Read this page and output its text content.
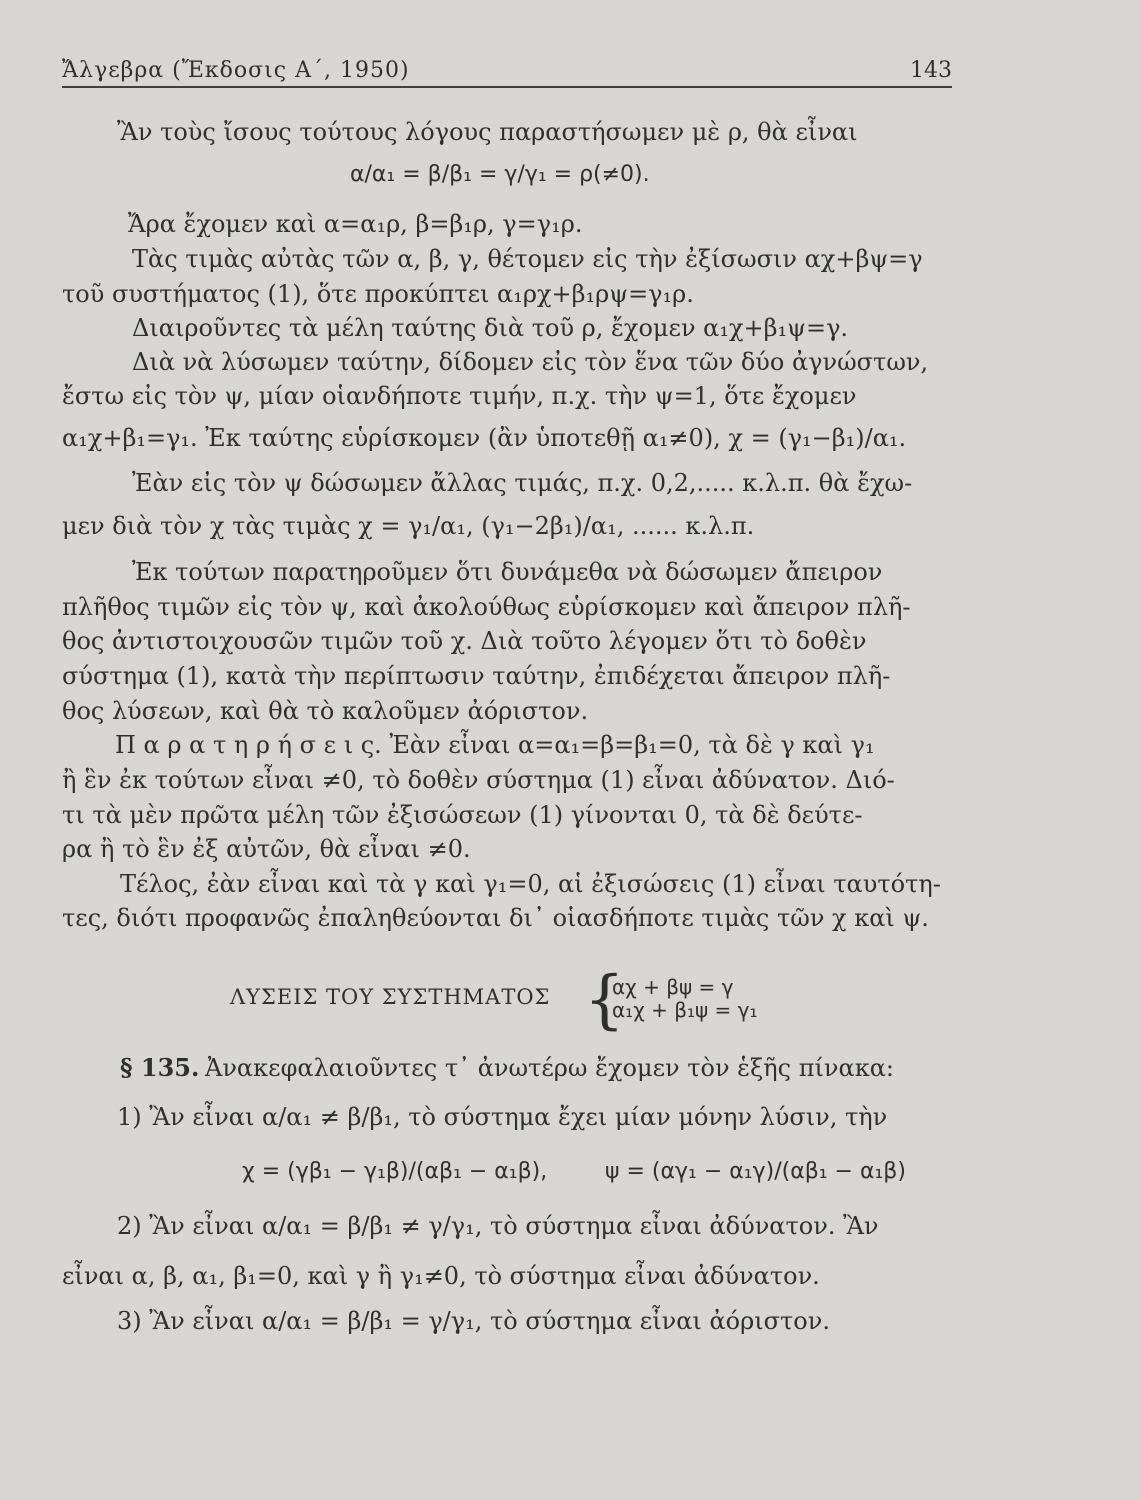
Ἄλγεβρα (Ἔκδοσις Α΄, 1950)	143
Ἂν τοὺς ἴσους τούτους λόγους παραστήσωμεν μὲ ρ, θὰ εἶναι
α/α₁ = β/β₁ = γ/γ₁ = ρ(≠0).
Ἄρα ἔχομεν καὶ α=α₁ρ, β=β₁ρ, γ=γ₁ρ.
Τὰς τιμὰς αὐτὰς τῶν α, β, γ, θέτομεν εἰς τὴν ἐξίσωσιν αχ+βψ=γ
τοῦ συστήματος (1), ὅτε προκύπτει α₁ρχ+β₁ρψ=γ₁ρ.
Διαιροῦντες τὰ μέλη ταύτης διὰ τοῦ ρ, ἔχομεν α₁χ+β₁ψ=γ.
Διὰ νὰ λύσωμεν ταύτην, δίδομεν εἰς τὸν ἕνα τῶν δύο ἀγνώστων,
ἔστω εἰς τὸν ψ, μίαν οἱανδήποτε τιμήν, π.χ. τὴν ψ=1, ὅτε ἔχομεν
α₁χ+β₁=γ₁. Ἐκ ταύτης εὑρίσκομεν (ἂν ὑποτεθῇ α₁≠0), χ = (γ₁−β₁)/α₁.
Ἐὰν εἰς τὸν ψ δώσωμεν ἄλλας τιμάς, π.χ. 0,2,..... κ.λ.π. θὰ ἔχω-
μεν διὰ τὸν χ τὰς τιμὰς χ = γ₁/α₁, (γ₁−2β₁)/α₁, ...... κ.λ.π.
Ἐκ τούτων παρατηροῦμεν ὅτι δυνάμεθα νὰ δώσωμεν ἄπειρον
πλῆθος τιμῶν εἰς τὸν ψ, καὶ ἀκολούθως εὑρίσκομεν καὶ ἄπειρον πλῆ-
θος ἀντιστοιχουσῶν τιμῶν τοῦ χ. Διὰ τοῦτο λέγομεν ὅτι τὸ δοθὲν
σύστημα (1), κατὰ τὴν περίπτωσιν ταύτην, ἐπιδέχεται ἄπειρον πλῆ-
θος λύσεων, καὶ θὰ τὸ καλοῦμεν ἀόριστον.
Π α ρ α τ η ρ ή σ ε ι ς. Ἐὰν εἶναι α=α₁=β=β₁=0, τὰ δὲ γ καὶ γ₁
ἢ ἓν ἐκ τούτων εἶναι ≠0, τὸ δοθὲν σύστημα (1) εἶναι ἀδύνατον. Διό-
τι τὰ μὲν πρῶτα μέλη τῶν ἐξισώσεων (1) γίνονται 0, τὰ δὲ δεύτε-
ρα ἢ τὸ ἓν ἐξ αὐτῶν, θὰ εἶναι ≠0.
Τέλος, ἐὰν εἶναι καὶ τὰ γ καὶ γ₁=0, αἱ ἐξισώσεις (1) εἶναι ταυτότη-
τες, διότι προφανῶς ἐπαληθεύονται δι᾽ οἱασδήποτε τιμὰς τῶν χ καὶ ψ.
ΛΥΣΕΙΣ ΤΟΥ ΣΥΣΤΗΜΑΤΟΣ {
αχ + βψ = γ
α₁χ + β₁ψ = γ₁
§ 135. Ἀνακεφαλαιοῦντες τ᾽ ἀνωτέρω ἔχομεν τὸν ἑξῆς πίνακα:
1) Ἂν εἶναι α/α₁ ≠ β/β₁, τὸ σύστημα ἔχει μίαν μόνην λύσιν, τὴν
χ = (γβ₁ − γ₁β)/(αβ₁ − α₁β),	ψ = (αγ₁ − α₁γ)/(αβ₁ − α₁β)
2) Ἂν εἶναι α/α₁ = β/β₁ ≠ γ/γ₁, τὸ σύστημα εἶναι ἀδύνατον. Ἂν
εἶναι α, β, α₁, β₁=0, καὶ γ ἢ γ₁≠0, τὸ σύστημα εἶναι ἀδύνατον.
3) Ἂν εἶναι α/α₁ = β/β₁ = γ/γ₁, τὸ σύστημα εἶναι ἀόριστον.
